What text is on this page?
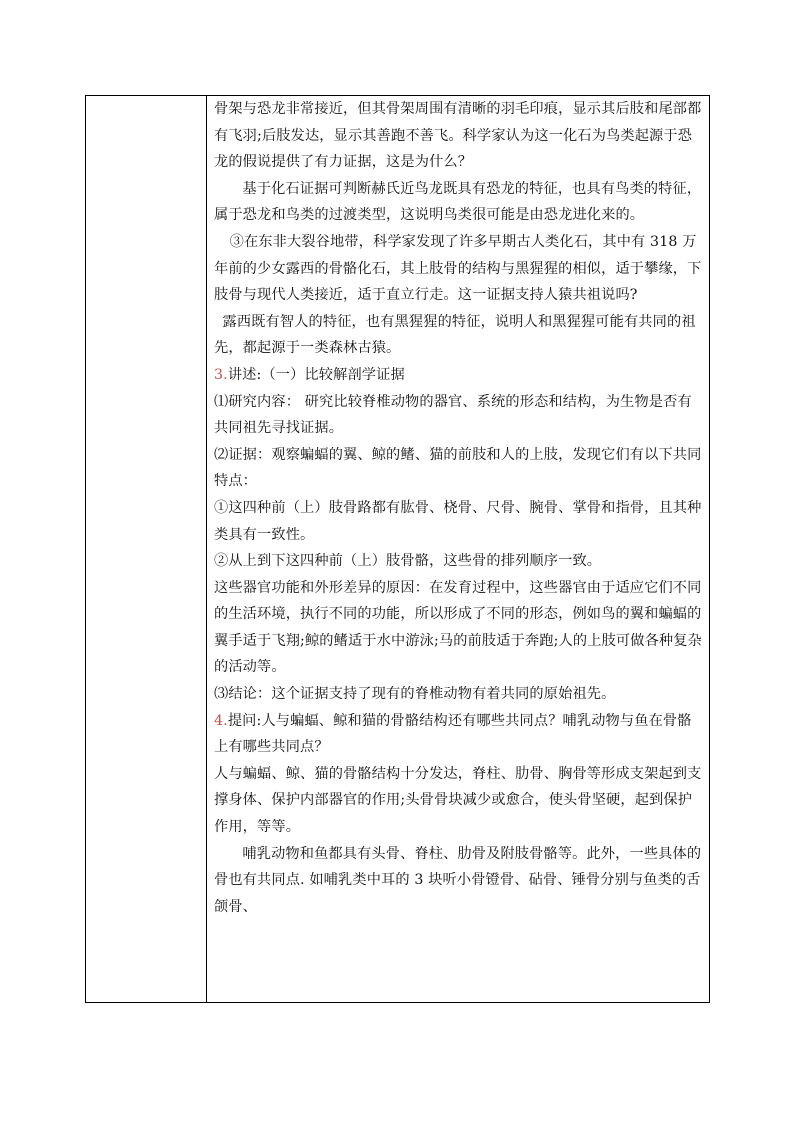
骨架与恐龙非常接近，但其骨架周围有清晰的羽毛印痕，显示其后肢和尾部都有飞羽;后肢发达，显示其善跑不善飞。科学家认为这一化石为鸟类起源于恐龙的假说提供了有力证据，这是为什么？

基于化石证据可判断赫氏近鸟龙既具有恐龙的特征，也具有鸟类的特征，属于恐龙和鸟类的过渡类型，这说明鸟类很可能是由恐龙进化来的。

③在东非大裂谷地带，科学家发现了许多早期古人类化石，其中有 318 万年前的少女露西的骨骼化石，其上肢骨的结构与黑猩猩的相似，适于攀缘，下肢骨与现代人类接近，适于直立行走。这一证据支持人猿共祖说吗?

露西既有智人的特征，也有黑猩猩的特征，说明人和黑猩猩可能有共同的祖先，都起源于一类森林古猿。

3.讲述:（一）比较解剖学证据

⑴研究内容： 研究比较脊椎动物的器官、系统的形态和结构，为生物是否有共同祖先寻找证据。

⑵证据：观察蝙蝠的翼、鲸的鳍、猫的前肢和人的上肢，发现它们有以下共同特点：

①这四种前（上）肢骨路都有肱骨、桡骨、尺骨、腕骨、掌骨和指骨，且其种类具有一致性。

②从上到下这四种前（上）肢骨骼，这些骨的排列顺序一致。

这些器官功能和外形差异的原因：在发育过程中，这些器官由于适应它们不同的生活环境，执行不同的功能，所以形成了不同的形态，例如鸟的翼和蝙蝠的翼手适于飞翔;鲸的鳍适于水中游泳;马的前肢适于奔跑;人的上肢可做各种复杂的活动等。

⑶结论：这个证据支持了现有的脊椎动物有着共同的原始祖先。

4.提问:人与蝙蝠、鲸和猫的骨骼结构还有哪些共同点？哺乳动物与鱼在骨骼上有哪些共同点？

人与蝙蝠、鲸、猫的骨骼结构十分发达，脊柱、肋骨、胸骨等形成支架起到支撑身体、保护内部器官的作用;头骨骨块减少或愈合，使头骨坚硬，起到保护作用，等等。

哺乳动物和鱼都具有头骨、脊柱、肋骨及附肢骨骼等。此外，一些具体的骨也有共同点. 如哺乳类中耳的 3 块听小骨镫骨、砧骨、锤骨分别与鱼类的舌颌骨、
